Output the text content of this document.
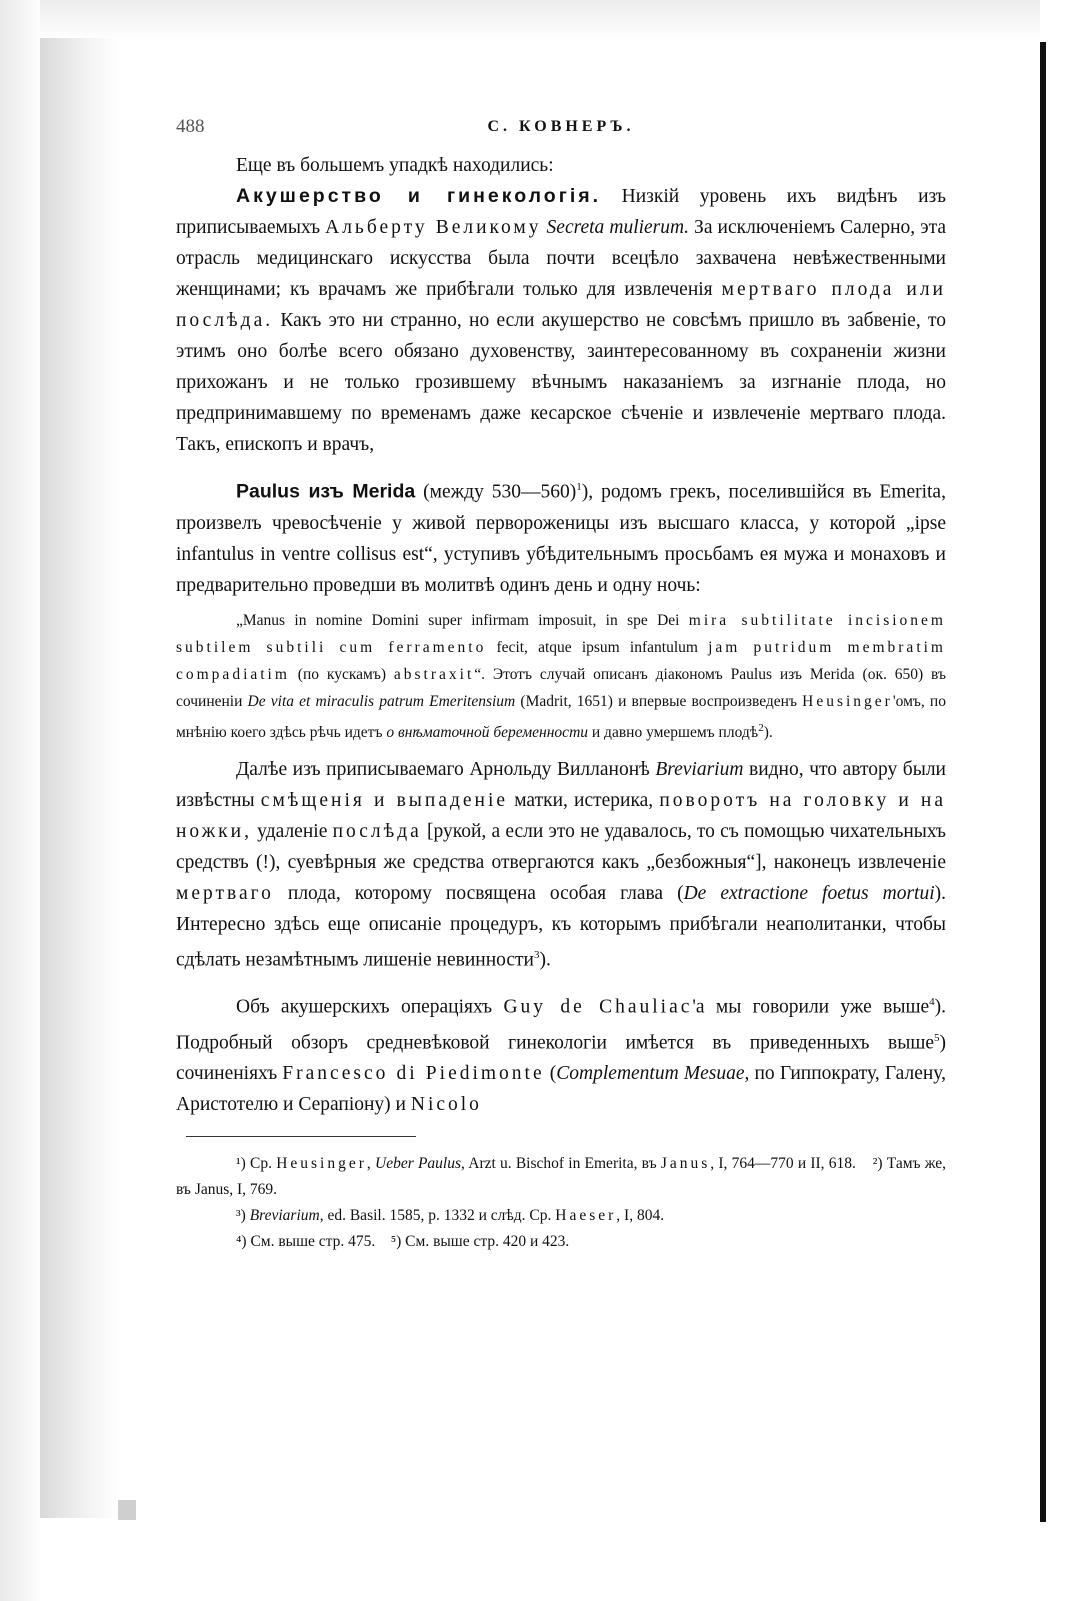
488	С. КОВНЕРЪ.

Еще въ большемъ упадкѣ находились:

Акушерство и гинекологія. Низкій уровень ихъ видѣнъ изъ приписываемыхъ Альберту Великому Secreta mulierum. За исключеніемъ Салерно, эта отрасль медицинскаго искусства была почти всецѣло захвачена невѣжественными женщинами; къ врачамъ же прибѣгали только для извлеченія мертваго плода или послѣда. Какъ это ни странно, но если акушерство не совсѣмъ пришло въ забвеніе, то этимъ оно болѣе всего обязано духовенству, заинтересованному въ сохраненіи жизни прихожанъ и не только грозившему вѣчнымъ наказаніемъ за изгнаніе плода, но предпринимавшему по временамъ даже кесарское сѣченіе и извлеченіе мертваго плода. Такъ, епископъ и врачъ,

Paulus изъ Merida (между 530—560)$^1$), родомъ грекъ, поселившійся въ Emerita, произвелъ чревосѣченіе у живой перворожeницы изъ высшаго класса, у которой „ipse infantulus in ventre collisus est“, уступивъ убѣдительнымъ просьбамъ ея мужа и монаховъ и предварительно проведши въ молитвѣ одинъ день и одну ночь:

„Manus in nomine Domini super infirmam imposuit, in spe Dei mira subtilitate incisionem subtilem subtili cum ferramento fecit, atque ipsum infantulum jam putridum membratim compadiatim (по кускамъ) abstraxit“. Этотъ случай описанъ діакономъ Paulus изъ Merida (ок. 650) въ сочиненіи De vita et miraculis patrum Emeritensium (Madrit, 1651) и впервые воспроизведенъ Heusinger'омъ, по мнѣнію коего здѣсь рѣчь идетъ о внѣматочной беременности и давно умершемъ плодѣ$^2$).

Далѣе изъ приписываемаго Арнольду Вилланонѣ Breviarium видно, что автору были извѣстны смѣщенія и выпаденіе матки, истерика, поворотъ на головку и на ножки, удаленіе послѣда [рукой, а если это не удавалось, то съ помощью чихательныхъ средствъ (!), суевѣрныя же средства отвергаются какъ „безбожныя“], наконецъ извлеченіе мертваго плода, которому посвящена особая глава (De extractione foetus mortui). Интересно здѣсь еще описаніе процедуръ, къ которымъ прибѣгали неаполитанки, чтобы сдѣлать незамѣтнымъ лишеніе невинности$^3$).

Объ акушерскихъ операціяхъ Guy de Chauliac'а мы говорили уже выше$^4$). Подробный обзоръ средневѣковой гинекологіи имѣется въ приведенныхъ выше$^5$) сочиненіяхъ Francesco di Piedimonte (Complementum Mesuae, по Гиппократу, Галену, Аристотелю и Серапіону) и Nicolo

¹) Ср. Heusinger, Ueber Paulus, Arzt u. Bischof in Emerita, въ Janus, I, 764—770 и II, 618. ²) Тамъ же, въ Janus, I, 769.

³) Breviarium, ed. Basil. 1585, p. 1332 и слѣд. Ср. Haeser, I, 804.

⁴) См. выше стр. 475. ⁵) См. выше стр. 420 и 423.
